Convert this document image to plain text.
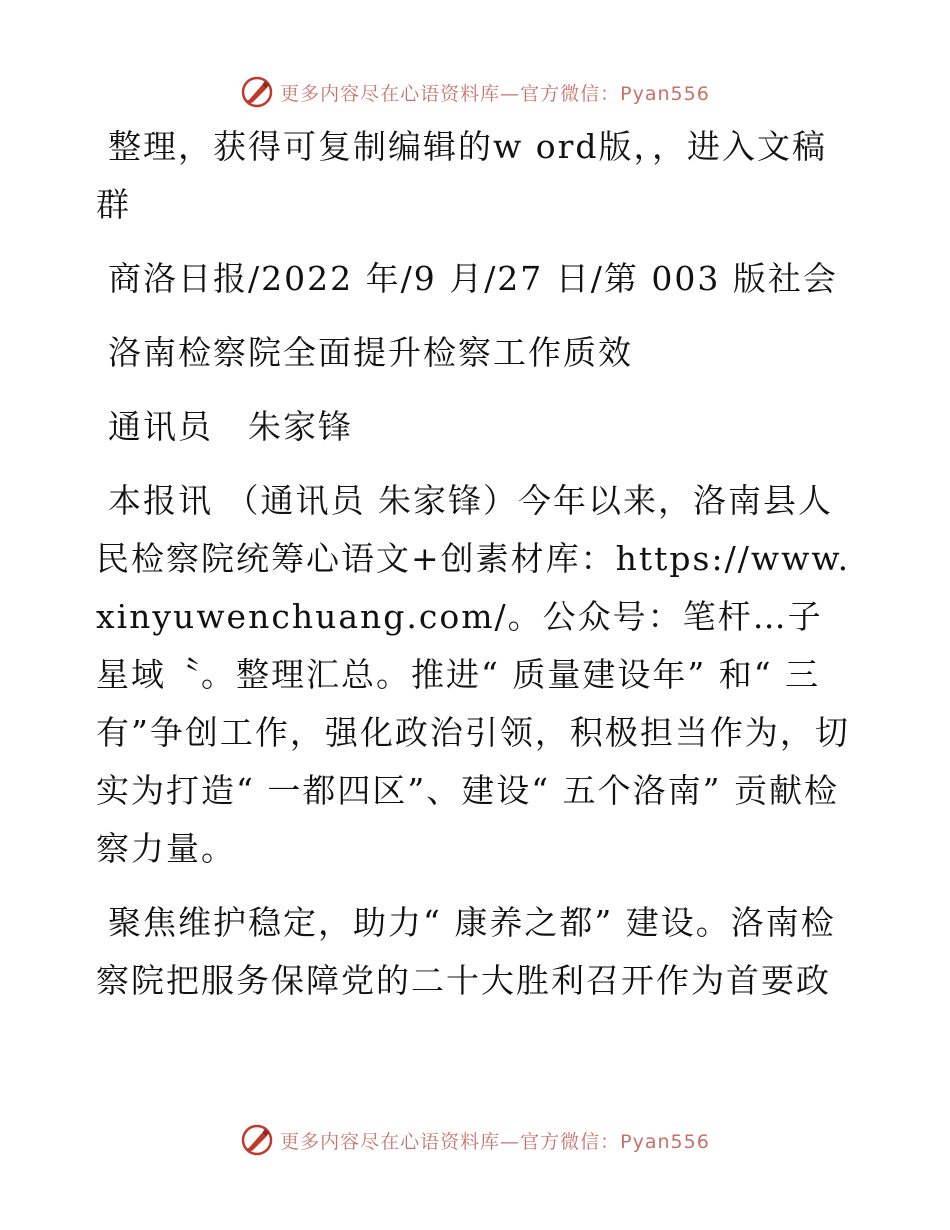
更多内容尽在心语资料库—官方微信：Pyan556

整理，获得可复制编辑的w ord版，，进入文稿群

商洛日报/2022 年/9 月/27 日/第 003 版社会

洛南检察院全面提升检察工作质效

通讯员　朱家锋

本报讯 （通讯员 朱家锋）今年以来，洛南县人民检察院统筹心语文+创素材库：https://www.xinyuwenchuang.com/。公众号：笔杆…子星域〝。整理汇总。推进“ 质量建设年” 和“ 三有”争创工作，强化政治引领，积极担当作为，切实为打造“ 一都四区”、建设“ 五个洛南” 贡献检察力量。

聚焦维护稳定，助力“ 康养之都” 建设。洛南检察院把服务保障党的二十大胜利召开作为首要政

更多内容尽在心语资料库—官方微信：Pyan556
